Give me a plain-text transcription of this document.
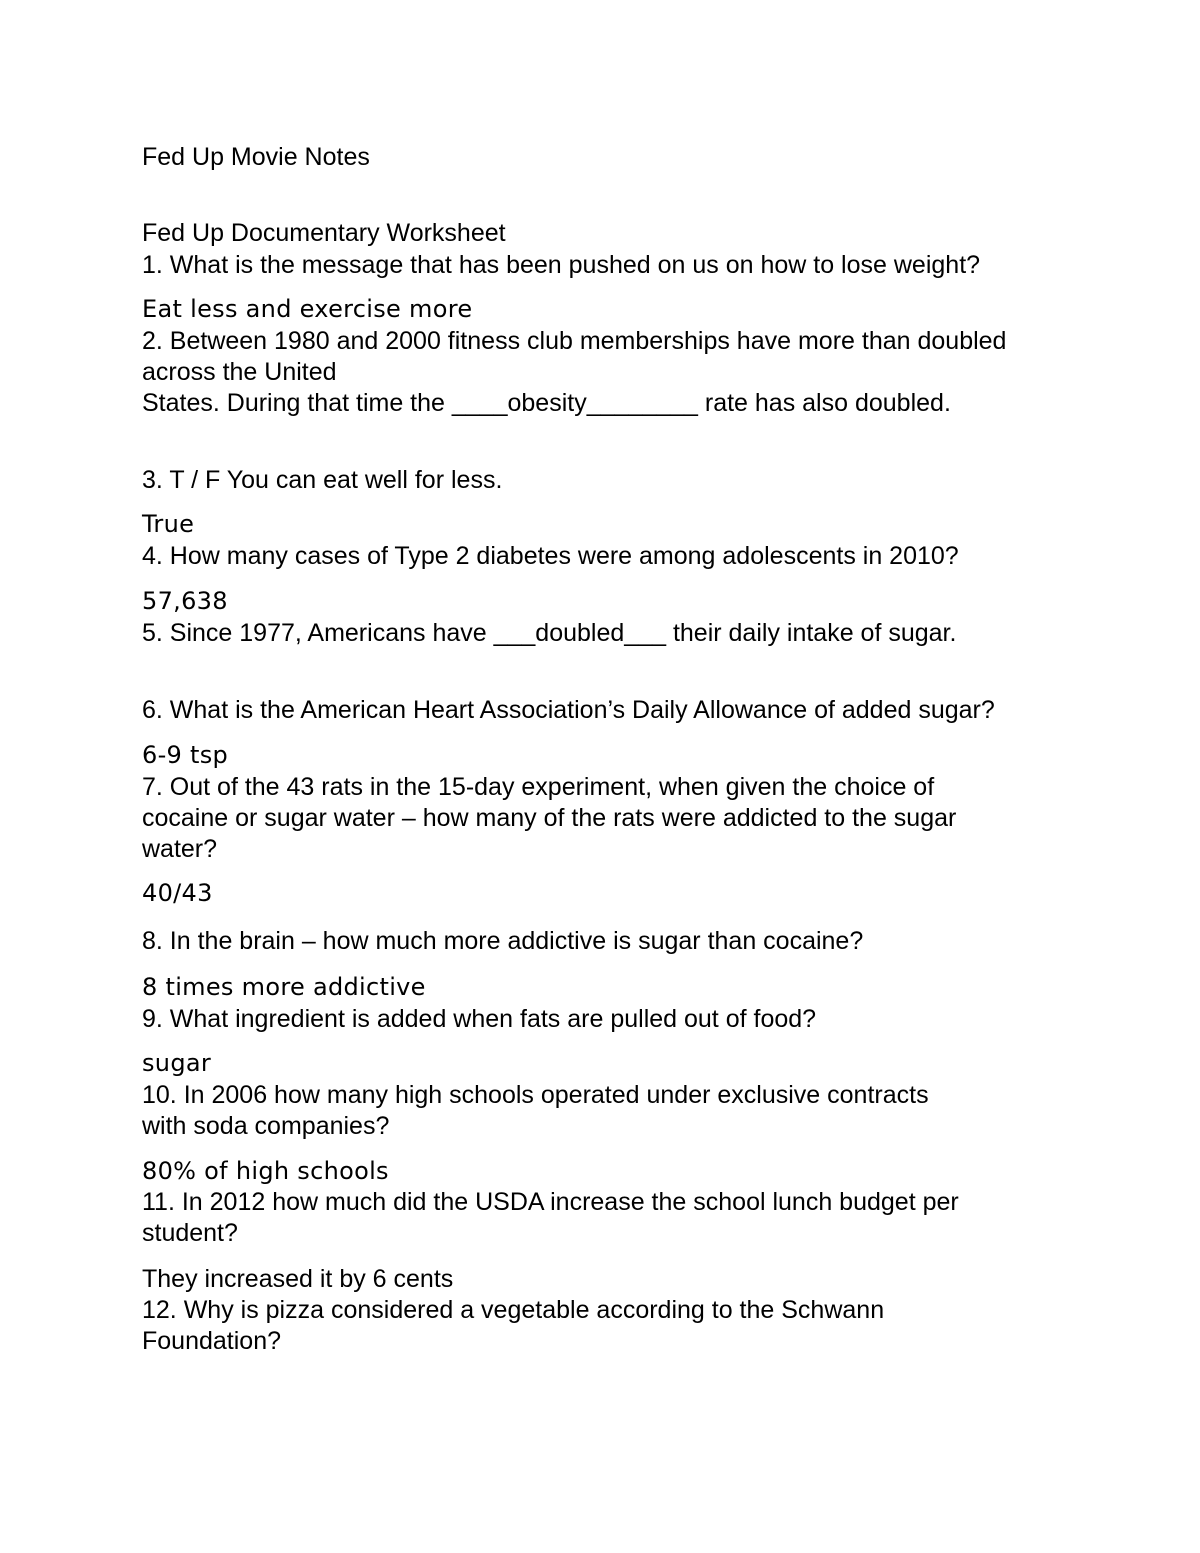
Fed Up Movie Notes

Fed Up Documentary Worksheet

1. What is the message that has been pushed on us on how to lose weight?

Eat less and exercise more

2. Between 1980 and 2000 fitness club memberships have more than doubled

across the United

States. During that time the ____obesity________ rate has also doubled.

3. T / F You can eat well for less.

True

4. How many cases of Type 2 diabetes were among adolescents in 2010?

57,638

5. Since 1977, Americans have ___doubled___ their daily intake of sugar.

6. What is the American Heart Association’s Daily Allowance of added sugar?

6-9 tsp

7. Out of the 43 rats in the 15-day experiment, when given the choice of

cocaine or sugar water – how many of the rats were addicted to the sugar

water?

40/43

8. In the brain – how much more addictive is sugar than cocaine?

8 times more addictive

9. What ingredient is added when fats are pulled out of food?

sugar

10. In 2006 how many high schools operated under exclusive contracts

with soda companies?

80% of high schools

11. In 2012 how much did the USDA increase the school lunch budget per

student?

They increased it by 6 cents

12. Why is pizza considered a vegetable according to the Schwann

Foundation?
